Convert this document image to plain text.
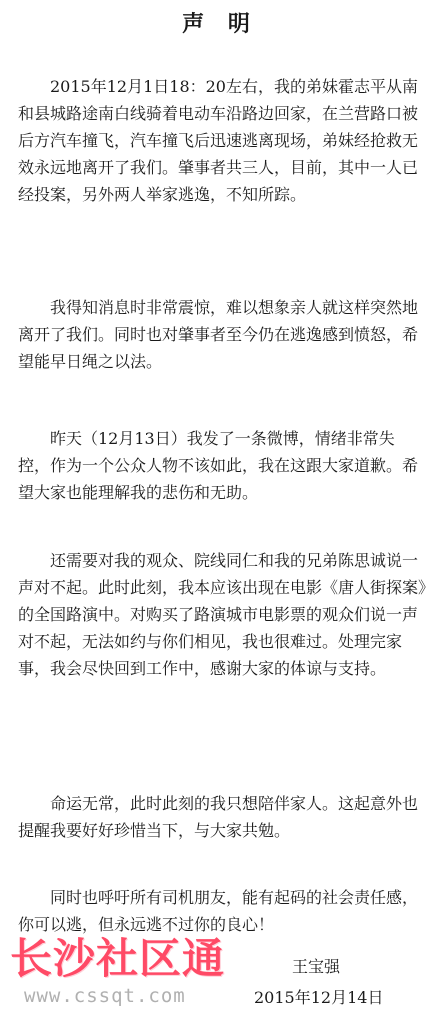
声 明

2015年12月1日18：20左右，我的弟妹霍志平从南和县城路途南白线骑着电动车沿路边回家，在兰营路口被后方汽车撞飞，汽车撞飞后迅速逃离现场，弟妹经抢救无效永远地离开了我们。肇事者共三人，目前，其中一人已经投案，另外两人举家逃逸，不知所踪。

我得知消息时非常震惊，难以想象亲人就这样突然地离开了我们。同时也对肇事者至今仍在逃逸感到愤怒，希望能早日绳之以法。

昨天（12月13日）我发了一条微博，情绪非常失控，作为一个公众人物不该如此，我在这跟大家道歉。希望大家也能理解我的悲伤和无助。

还需要对我的观众、院线同仁和我的兄弟陈思诚说一声对不起。此时此刻，我本应该出现在电影《唐人街探案》的全国路演中。对购买了路演城市电影票的观众们说一声对不起，无法如约与你们相见，我也很难过。处理完家事，我会尽快回到工作中，感谢大家的体谅与支持。

命运无常，此时此刻的我只想陪伴家人。这起意外也提醒我要好好珍惜当下，与大家共勉。

同时也呼吁所有司机朋友，能有起码的社会责任感，你可以逃，但永远逃不过你的良心！

长沙社区通
www.cssqt.com
王宝强
2015年12月14日
